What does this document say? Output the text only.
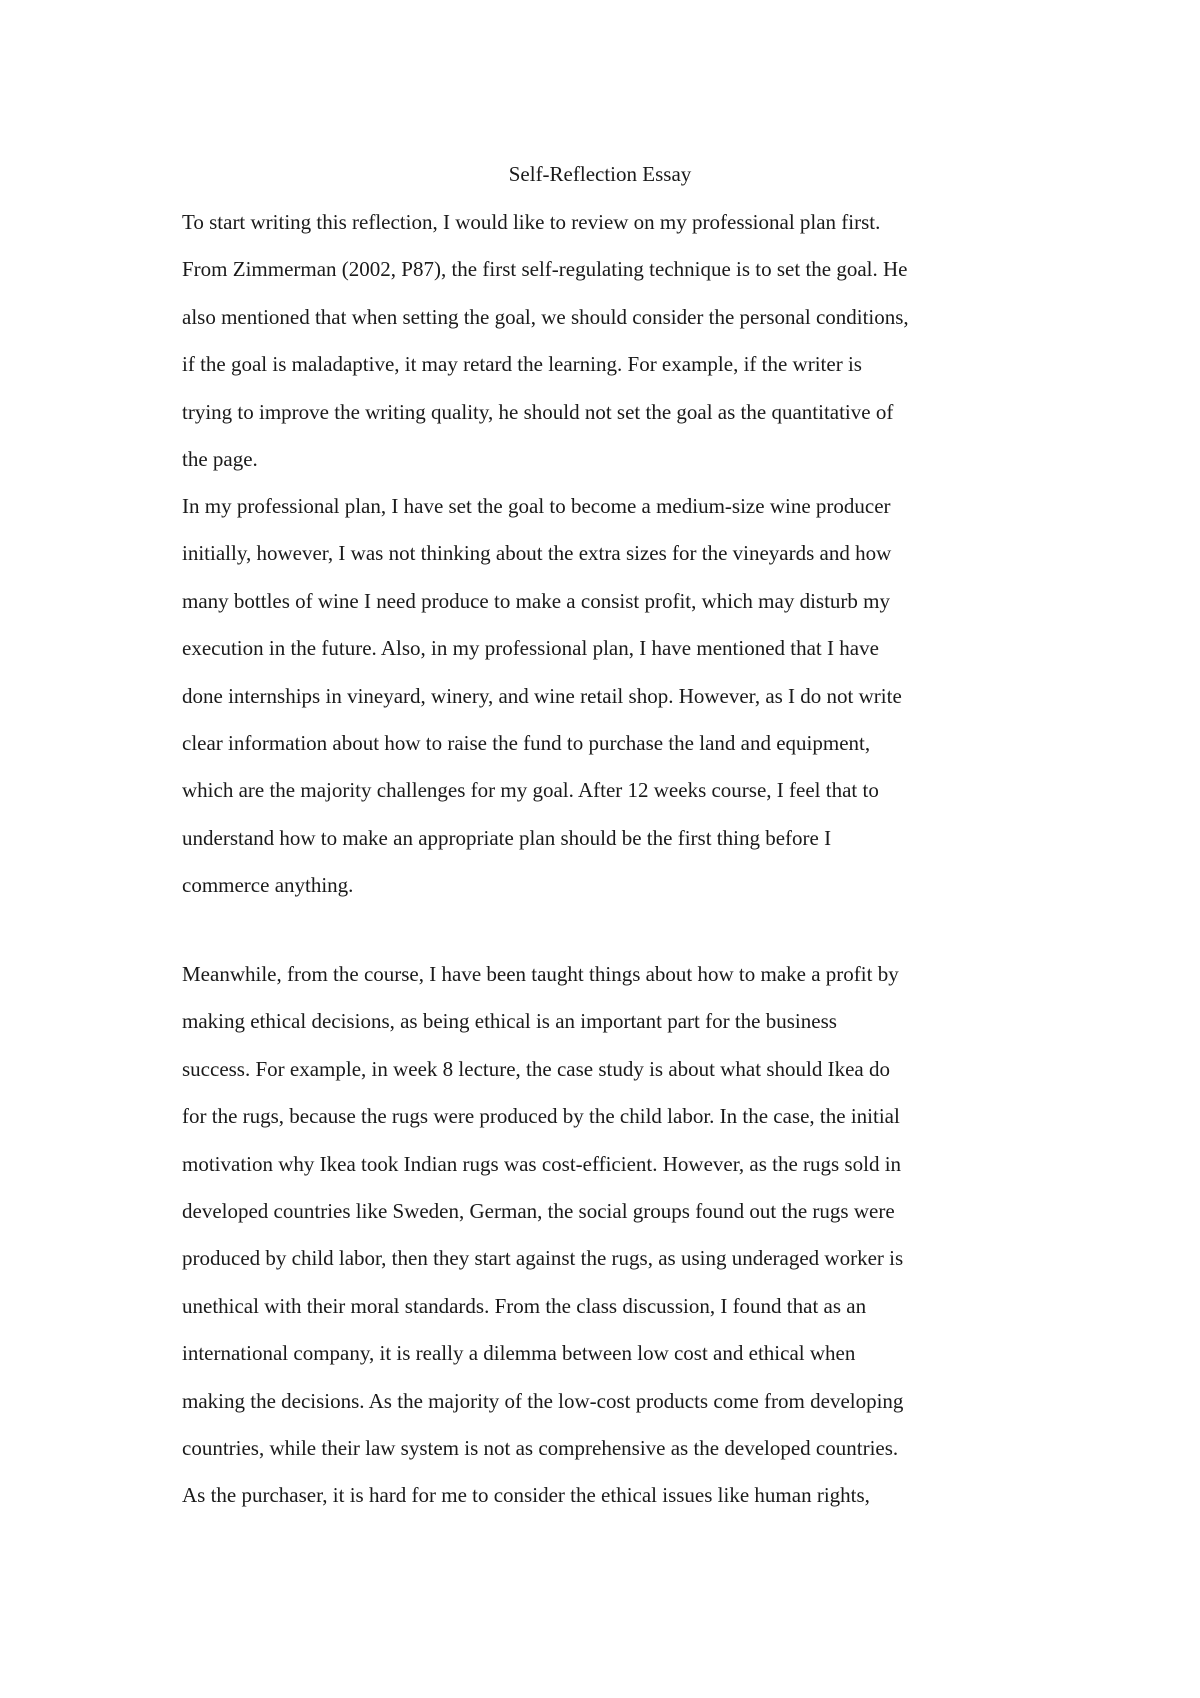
Self-Reflection Essay
To start writing this reflection, I would like to review on my professional plan first.
From Zimmerman (2002, P87), the first self-regulating technique is to set the goal. He
also mentioned that when setting the goal, we should consider the personal conditions,
if the goal is maladaptive, it may retard the learning. For example, if the writer is
trying to improve the writing quality, he should not set the goal as the quantitative of
the page.
In my professional plan, I have set the goal to become a medium-size wine producer
initially, however, I was not thinking about the extra sizes for the vineyards and how
many bottles of wine I need produce to make a consist profit, which may disturb my
execution in the future. Also, in my professional plan, I have mentioned that I have
done internships in vineyard, winery, and wine retail shop. However, as I do not write
clear information about how to raise the fund to purchase the land and equipment,
which are the majority challenges for my goal. After 12 weeks course, I feel that to
understand how to make an appropriate plan should be the first thing before I
commerce anything.
Meanwhile, from the course, I have been taught things about how to make a profit by
making ethical decisions, as being ethical is an important part for the business
success. For example, in week 8 lecture, the case study is about what should Ikea do
for the rugs, because the rugs were produced by the child labor. In the case, the initial
motivation why Ikea took Indian rugs was cost-efficient. However, as the rugs sold in
developed countries like Sweden, German, the social groups found out the rugs were
produced by child labor, then they start against the rugs, as using underaged worker is
unethical with their moral standards. From the class discussion, I found that as an
international company, it is really a dilemma between low cost and ethical when
making the decisions. As the majority of the low-cost products come from developing
countries, while their law system is not as comprehensive as the developed countries.
As the purchaser, it is hard for me to consider the ethical issues like human rights,
